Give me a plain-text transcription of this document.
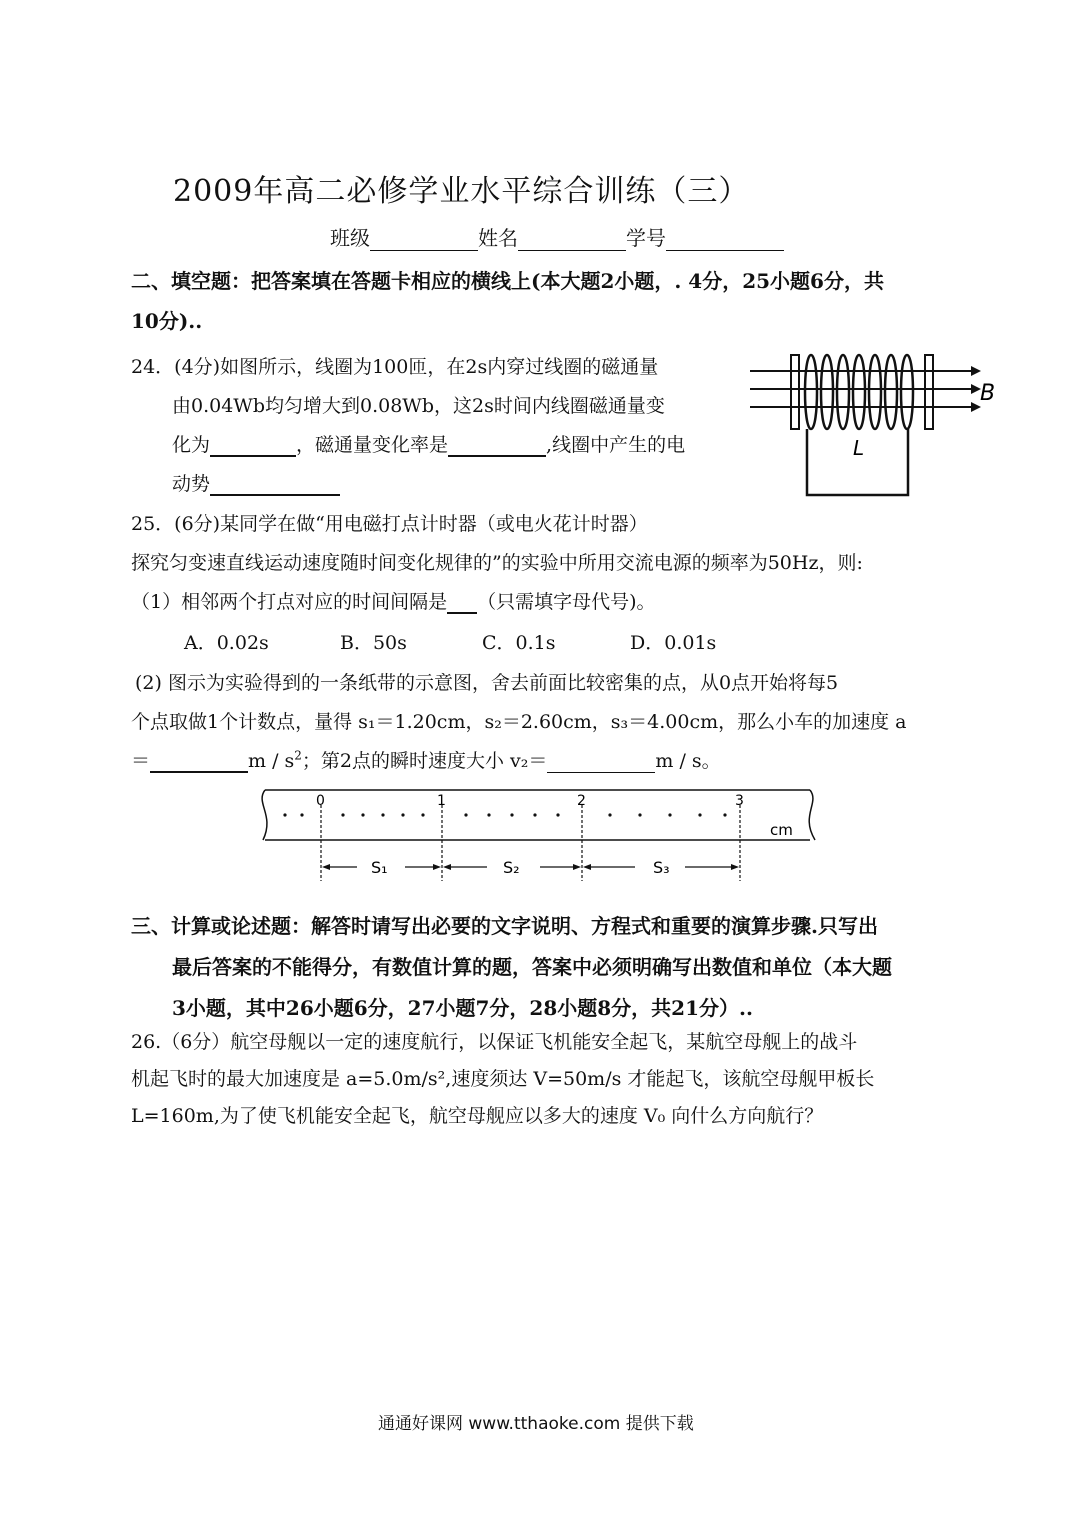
2009年高二必修学业水平综合训练（三）
班级	姓名	学号
二、填空题：把答案填在答题卡相应的横线上(本大题2小题，. 4分，25小题6分，共
10分)..
24．(4分)如图所示，线圈为100匝，在2s内穿过线圈的磁通量
由0.04Wb均匀增大到0.08Wb，这2s时间内线圈磁通量变
化为	，磁通量变化率是	,线圈中产生的电
动势
B
L
25．(6分)某同学在做“用电磁打点计时器（或电火花计时器）
探究匀变速直线运动速度随时间变化规律的”的实验中所用交流电源的频率为50Hz，则:
（1）相邻两个打点对应的时间间隔是 （只需填字母代号)。
A．0.02s	B．50s	C．0.1s	D．0.01s
(2) 图示为实验得到的一条纸带的示意图，舍去前面比较密集的点，从0点开始将每5
个点取做1个计数点，量得 s₁＝1.20cm，s₂＝2.60cm，s₃＝4.00cm，那么小车的加速度 a
＝	m / $s^2$；第2点的瞬时速度大小 v₂＝	m / s。
0	1	2	3
cm
S₁	S₂	S₃
三、计算或论述题：解答时请写出必要的文字说明、方程式和重要的演算步骤.只写出
最后答案的不能得分，有数值计算的题，答案中必须明确写出数值和单位（本大题
3小题，其中26小题6分，27小题7分，28小题8分，共21分）..
26.（6分）航空母舰以一定的速度航行，以保证飞机能安全起飞，某航空母舰上的战斗
机起飞时的最大加速度是 a=5.0m/s²,速度须达 V=50m/s 才能起飞，该航空母舰甲板长
L=160m,为了使飞机能安全起飞，航空母舰应以多大的速度 V₀ 向什么方向航行？
通通好课网 www.tthaoke.com 提供下载
